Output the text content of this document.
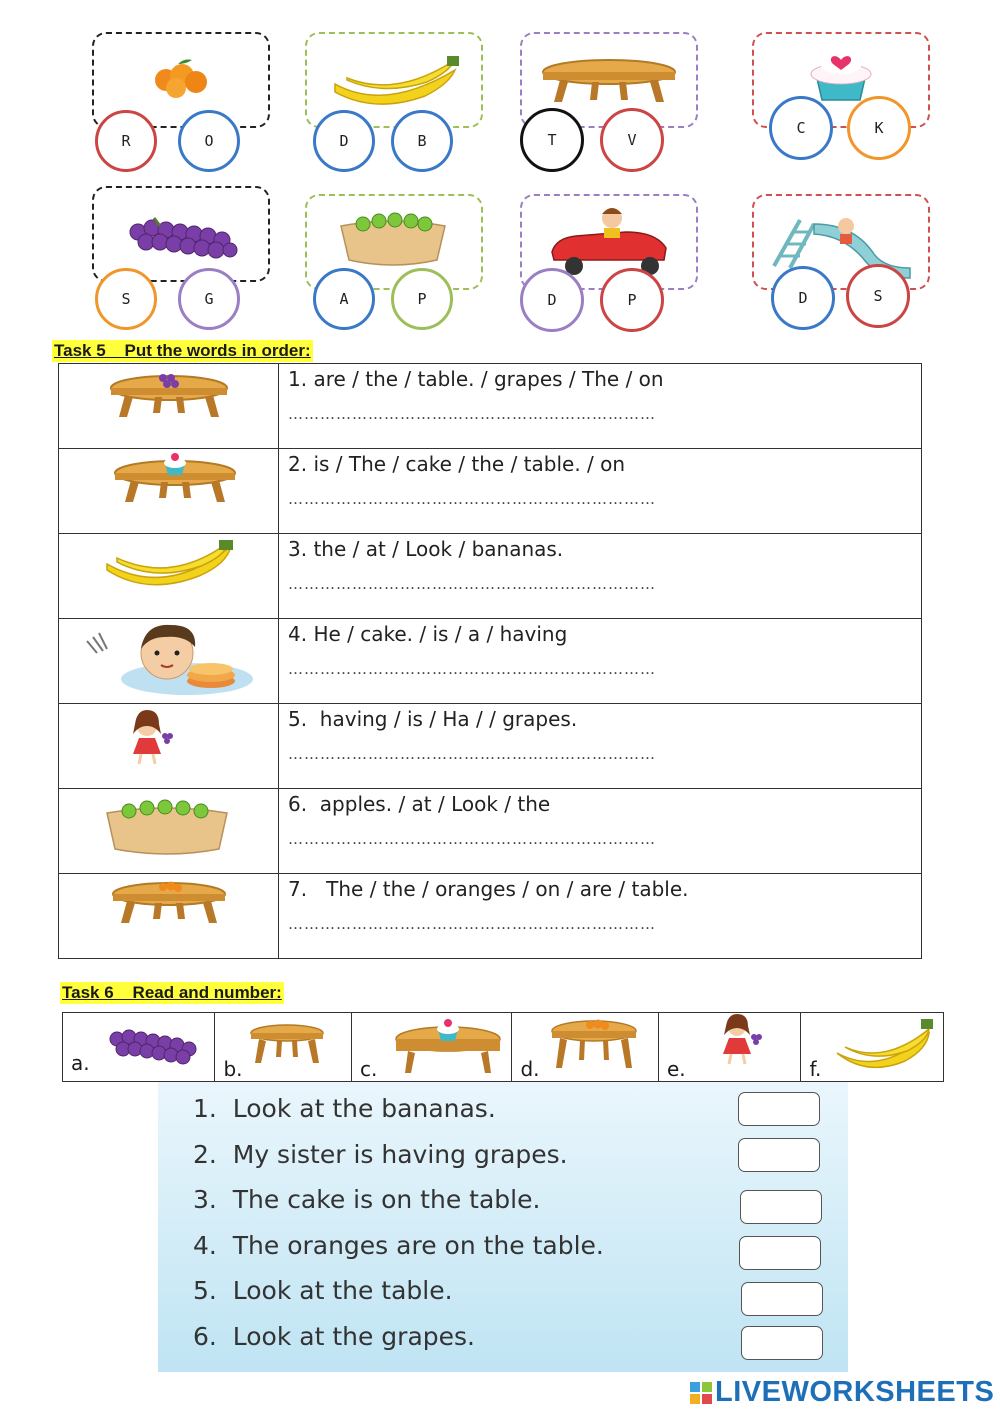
R	O	D	B	T	V
C	K
S	G	A	P	D	P	D	S
Task 5    Put the words in order:

1. are / the / table. / grapes / The / on
……………………………………………………………

2. is / The / cake / the / table. / on
……………………………………………………………

3. the / at / Look / bananas.
……………………………………………………………

4. He / cake. / is / a / having
……………………………………………………………

5.  having / is / Ha / / grapes.
……………………………………………………………

6.  apples. / at / Look / the
……………………………………………………………

7.   The / the / oranges / on / are / table.
……………………………………………………………
Task 6    Read and number:
a.	b.	c.	d.	e.	f.
1.  Look at the bananas.
2.  My sister is having grapes.
3.  The cake is on the table.
4.  The oranges are on the table.
5.  Look at the table.
6.  Look at the grapes.
LIVEWORKSHEETS
